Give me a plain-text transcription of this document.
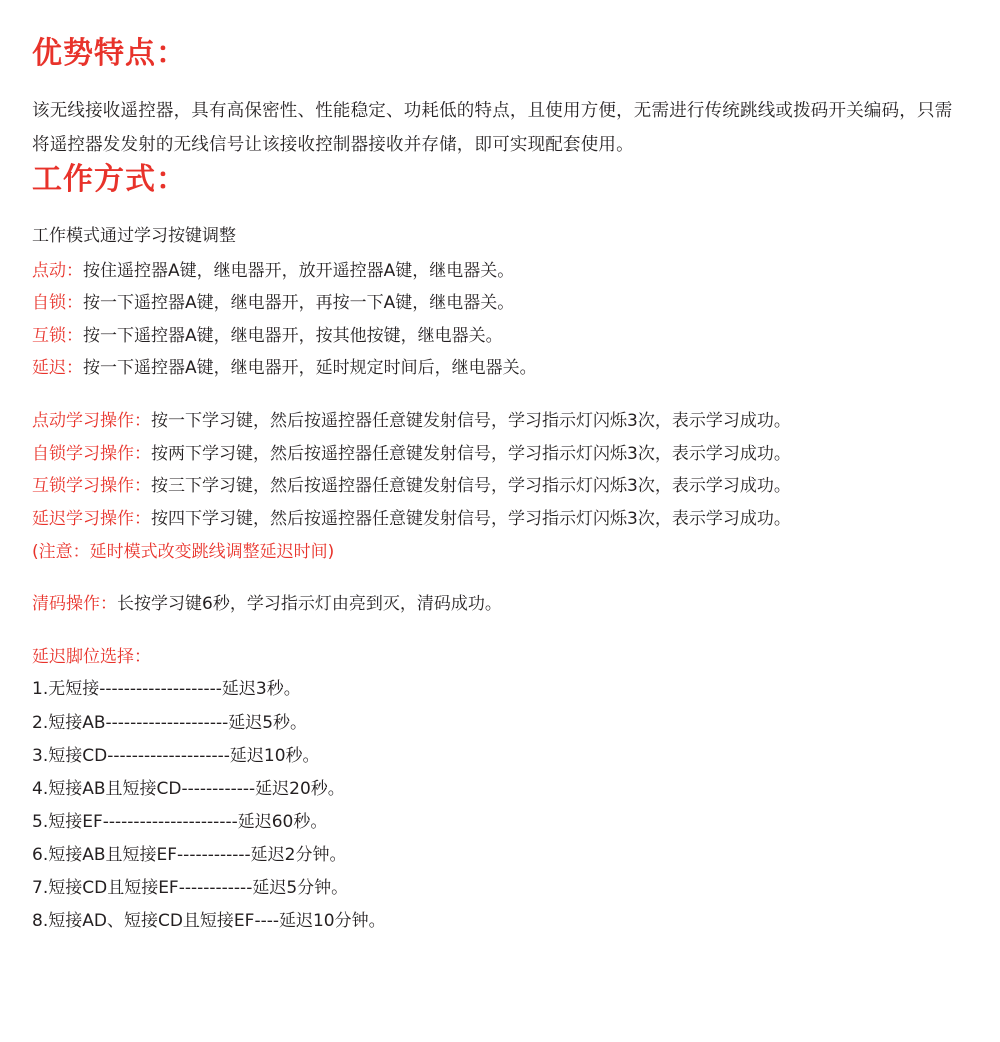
优势特点：

该无线接收遥控器，具有高保密性、性能稳定、功耗低的特点，且使用方便，无需进行传统跳线或拨码开关编码，只需将遥控器发发射的无线信号让该接收控制器接收并存储，即可实现配套使用。

工作方式：

工作模式通过学习按键调整

点动：按住遥控器A键，继电器开，放开遥控器A键，继电器关。
自锁：按一下遥控器A键，继电器开，再按一下A键，继电器关。
互锁：按一下遥控器A键，继电器开，按其他按键，继电器关。
延迟：按一下遥控器A键，继电器开，延时规定时间后，继电器关。
点动学习操作：按一下学习键，然后按遥控器任意键发射信号，学习指示灯闪烁3次，表示学习成功。
自锁学习操作：按两下学习键，然后按遥控器任意键发射信号，学习指示灯闪烁3次，表示学习成功。
互锁学习操作：按三下学习键，然后按遥控器任意键发射信号，学习指示灯闪烁3次，表示学习成功。
延迟学习操作：按四下学习键，然后按遥控器任意键发射信号，学习指示灯闪烁3次，表示学习成功。
(注意：延时模式改变跳线调整延迟时间)
清码操作：长按学习键6秒，学习指示灯由亮到灭，清码成功。
延迟脚位选择：
1.无短接--------------------延迟3秒。
2.短接AB--------------------延迟5秒。
3.短接CD--------------------延迟10秒。
4.短接AB且短接CD------------延迟20秒。
5.短接EF----------------------延迟60秒。
6.短接AB且短接EF------------延迟2分钟。
7.短接CD且短接EF------------延迟5分钟。
8.短接AD、短接CD且短接EF----延迟10分钟。
